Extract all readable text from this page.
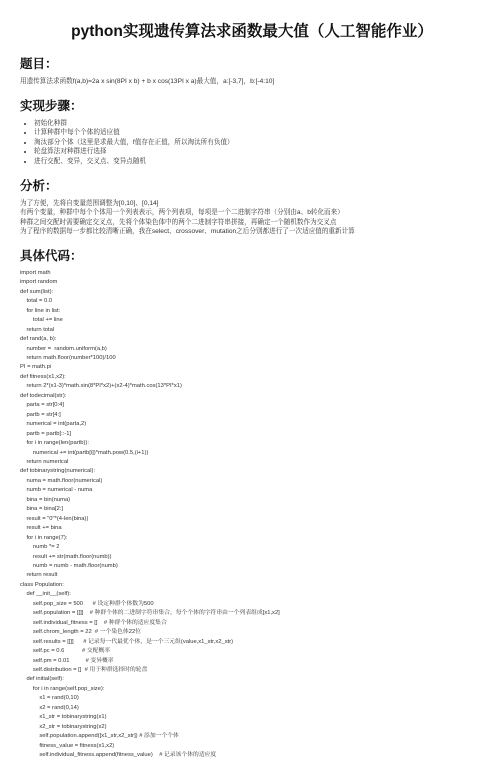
python实现遗传算法求函数最大值（人工智能作业）
题目：
用遗传算法求函数f(a,b)=2a x sin(8PI x b) + b x cos(13PI x a)最大值，a:[-3,7]，b:[-4:10]
实现步骤：
• 初始化种群
• 计算种群中每个个体的适应值
• 淘汰部分个体（这里是求最大值，f值存在正值，所以淘汰所有负值）
• 轮盘算法对种群进行选择
• 进行交配、变异，交叉点、变异点随机
分析：
为了方便，先将自变量范围调整为[0,10]、[0,14]
有两个变量，种群中每个个体用一个列表表示，两个列表项，每项是一个二进制字符串（分别由a、b转化而来）
种群之间交配时需要确定交叉点，先将个体染色体中的两个二进制字符串拼接，再确定一个随机数作为交叉点
为了程序的数据每一步都比较清晰正确，我在select、crossover、mutation之后分别都进行了一次适应值的重新计算
具体代码：
import math
import random
def sum(list):
total = 0.0
for line in list:
total += line
return total
def rand(a, b):
number =  random.uniform(a,b)
return math.floor(number*100)/100
PI = math.pi
def fitness(x1,x2):
return 2*(x1-3)*math.sin(8*PI*x2)+(x2-4)*math.cos(13*PI*x1)
def todecimal(str):
parta = str[0:4]
partb = str[4:]
numerical = int(parta,2)
partb = partb[::-1]
for i in range(len(partb)):
numerical += int(partb[i])*math.pow(0.5,(i+1))
return numerical
def tobinarystring(numerical):
numa = math.floor(numerical)
numb = numerical - numa
bina = bin(numa)
bina = bina[2:]
result = "0"*(4-len(bina))
result += bina
for i in range(7):
numb *= 2
result += str(math.floor(numb))
numb = numb - math.floor(numb)
return result
class Population:
def __init__(self):
self.pop_size = 500      # 设定种群个体数为500
self.population = [[]]    # 种群个体的二进制字符串集合，每个个体的字符串由一个列表组成[x1,x2]
self.individual_fitness = []    # 种群个体的适应度集合
self.chrom_length = 22  # 一个染色体22位
self.results = [[]]      # 记录每一代最优个体，是一个三元组(value,x1_str,x2_str)
self.pc = 0.6           # 交配概率
self.pm = 0.01          # 变异概率
self.distribution = []  # 用于种群选择时的轮盘
def initial(self):
for i in range(self.pop_size):
x1 = rand(0,10)
x2 = rand(0,14)
x1_str = tobinarystring(x1)
x2_str = tobinarystring(x2)
self.population.append([x1_str,x2_str]) # 添加一个个体
fitness_value = fitness(x1,x2)
self.individual_fitness.append(fitness_value)    # 记录该个体的适应度
